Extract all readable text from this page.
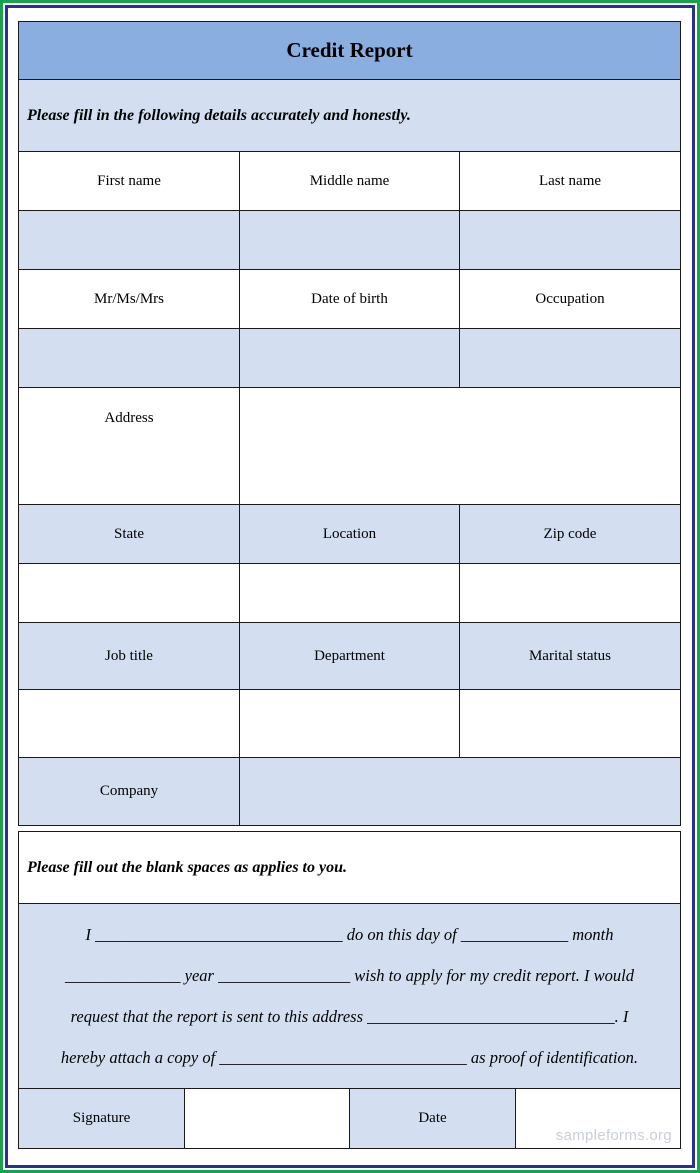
Credit Report
Please fill in the following details accurately and honestly.
First name	Middle name	Last name
Mr/Ms/Mrs	Date of birth	Occupation
Address
State	Location	Zip code
Job title	Department	Marital status
Company
Please fill out the blank spaces as applies to you.
I ______________________________ do on this day of _____________ month
______________ year ________________ wish to apply for my credit report. I would
request that the report is sent to this address ______________________________. I
hereby attach a copy of ______________________________ as proof of identification.
Signature	Date
sampleforms.org
